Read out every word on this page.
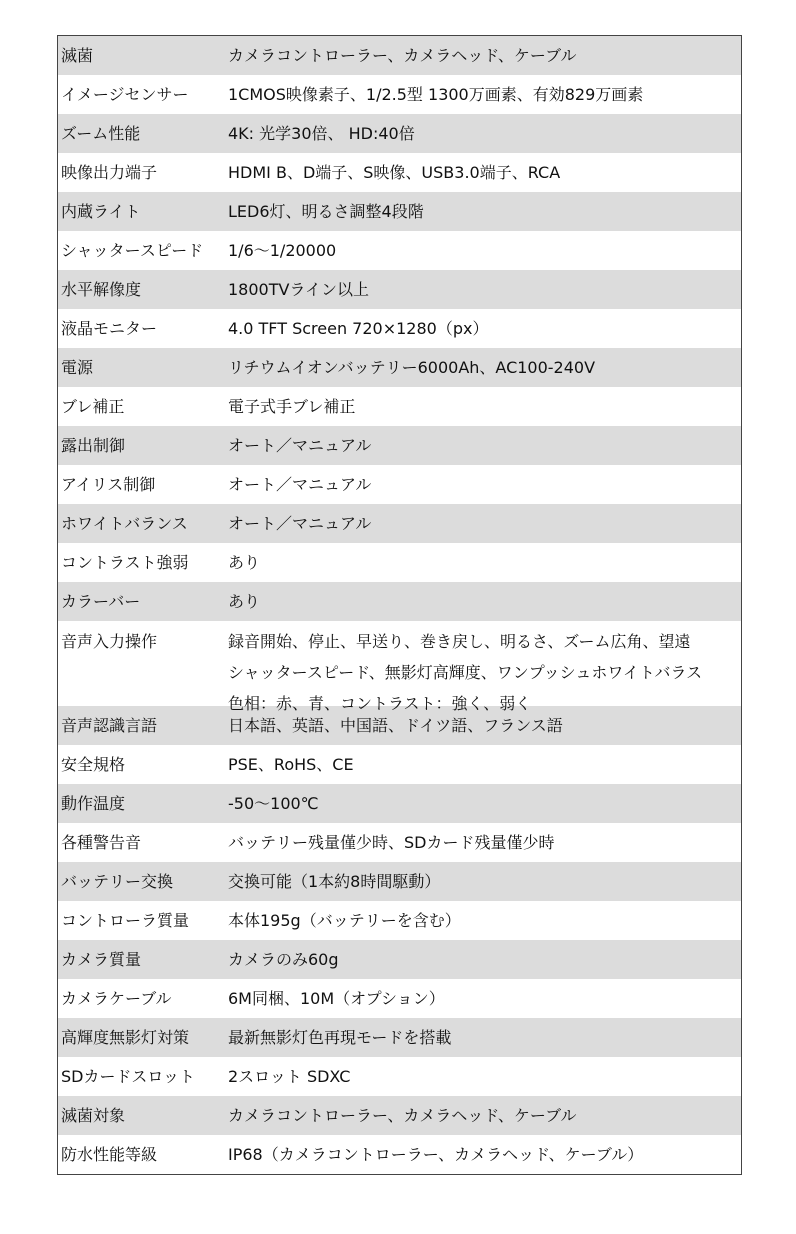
滅菌	カメラコントローラー、カメラヘッド、ケーブル
イメージセンサー	1CMOS映像素子、1/2.5型 1300万画素、有効829万画素
ズーム性能	4K: 光学30倍、 HD:40倍
映像出力端子	HDMI B、D端子、S映像、USB3.0端子、RCA
内蔵ライト	LED6灯、明るさ調整4段階
シャッタースピード	1/6〜1/20000
水平解像度	1800TVライン以上
液晶モニター	4.0 TFT Screen 720×1280（px）
電源	リチウムイオンバッテリー6000Ah、AC100-240V
ブレ補正	電子式手ブレ補正
露出制御	オート／マニュアル
アイリス制御	オート／マニュアル
ホワイトバランス	オート／マニュアル
コントラスト強弱	あり
カラーバー	あり
音声入力操作	録音開始、停止、早送り、巻き戻し、明るさ、ズーム広角、望遠
シャッタースピード、無影灯高輝度、ワンプッシュホワイトバラス
色相：赤、青、コントラスト：強く、弱く
音声認識言語	日本語、英語、中国語、ドイツ語、フランス語
安全規格	PSE、RoHS、CE
動作温度	-50〜100℃
各種警告音	バッテリー残量僅少時、SDカード残量僅少時
バッテリー交換	交換可能（1本約8時間駆動）
コントローラ質量	本体195g（バッテリーを含む）
カメラ質量	カメラのみ60g
カメラケーブル	6M同梱、10M（オプション）
高輝度無影灯対策	最新無影灯色再現モードを搭載
SDカードスロット	2スロット SDXC
滅菌対象	カメラコントローラー、カメラヘッド、ケーブル
防水性能等級	IP68（カメラコントローラー、カメラヘッド、ケーブル）
